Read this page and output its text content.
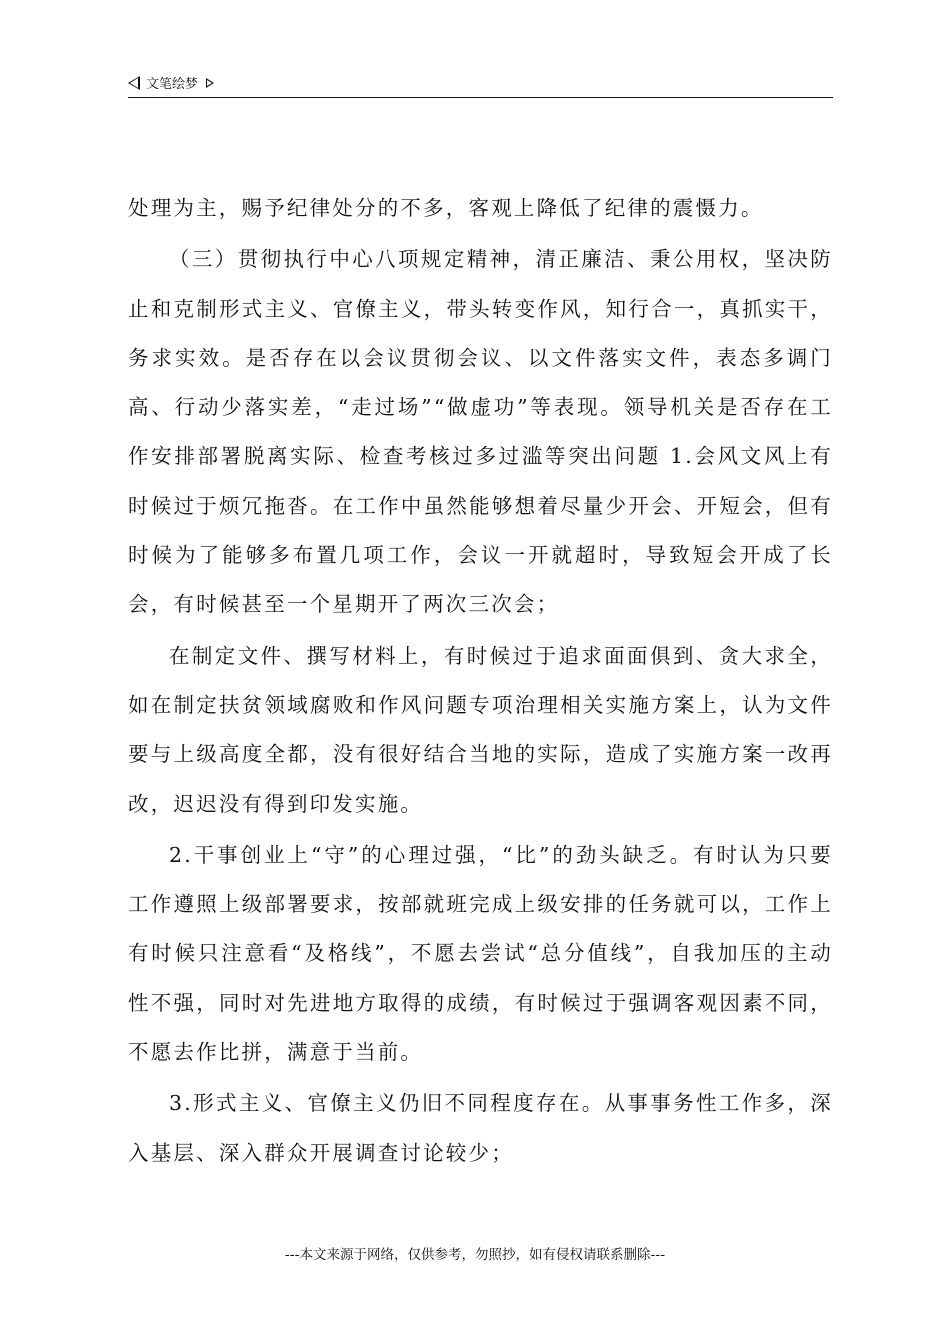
文笔绘梦

处理为主，赐予纪律处分的不多，客观上降低了纪律的震慑力。

（三）贯彻执行中心八项规定精神，清正廉洁、秉公用权，坚决防止和克制形式主义、官僚主义，带头转变作风，知行合一，真抓实干，务求实效。是否存在以会议贯彻会议、以文件落实文件，表态多调门高、行动少落实差，“走过场”“做虚功”等表现。领导机关是否存在工作安排部署脱离实际、检查考核过多过滥等突出问题 1.会风文风上有时候过于烦冗拖沓。在工作中虽然能够想着尽量少开会、开短会，但有时候为了能够多布置几项工作，会议一开就超时，导致短会开成了长会，有时候甚至一个星期开了两次三次会；

在制定文件、撰写材料上，有时候过于追求面面俱到、贪大求全，如在制定扶贫领域腐败和作风问题专项治理相关实施方案上，认为文件要与上级高度全都，没有很好结合当地的实际，造成了实施方案一改再改，迟迟没有得到印发实施。

2.干事创业上“守”的心理过强，“比”的劲头缺乏。有时认为只要工作遵照上级部署要求，按部就班完成上级安排的任务就可以，工作上有时候只注意看“及格线”，不愿去尝试“总分值线”，自我加压的主动性不强，同时对先进地方取得的成绩，有时候过于强调客观因素不同，不愿去作比拼，满意于当前。

3.形式主义、官僚主义仍旧不同程度存在。从事事务性工作多，深入基层、深入群众开展调查讨论较少；

---本文来源于网络，仅供参考，勿照抄，如有侵权请联系删除---
